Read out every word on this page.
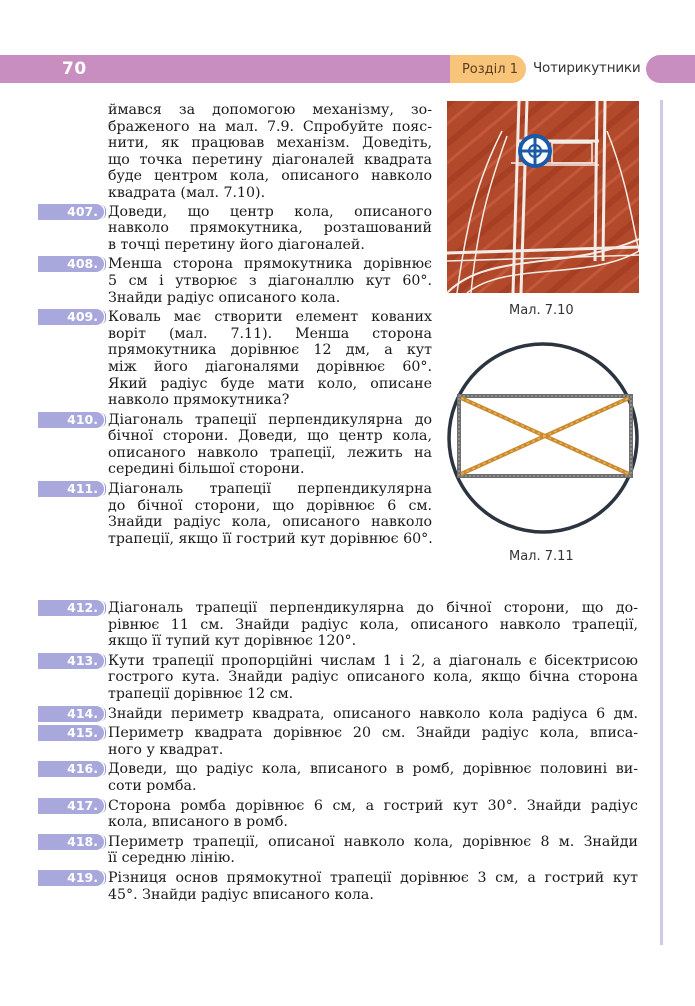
70	Розділ 1 Чотирикутники
ймався за допомогою механізму, зо-
браженого на мал. 7.9. Спробуйте пояс-
нити, як працював механізм. Доведіть,
що точка перетину діагоналей квадрата
буде центром кола, описаного навколо
квадрата (мал. 7.10).
407. Доведи, що центр кола, описаного
навколо прямокутника, розташований
в точці перетину його діагоналей.
408. Менша сторона прямокутника дорівнює
5 см і утворює з діагоналлю кут 60°.
Знайди радіус описаного кола.
409. Коваль має створити елемент кованих
воріт (мал. 7.11). Менша сторона
прямокутника дорівнює 12 дм, а кут
між його діагоналями дорівнює 60°.
Який радіус буде мати коло, описане
навколо прямокутника?
410. Діагональ трапеції перпендикулярна до
бічної сторони. Доведи, що центр кола,
описаного навколо трапеції, лежить на
середині більшої сторони.
411. Діагональ трапеції перпендикулярна
до бічної сторони, що дорівнює 6 см.
Знайди радіус кола, описаного навколо
трапеції, якщо її гострий кут дорівнює 60°.
412. Діагональ трапеції перпендикулярна до бічної сторони, що до-
рівнює 11 см. Знайди радіус кола, описаного навколо трапеції,
якщо її тупий кут дорівнює 120°.
413. Кути трапеції пропорційні числам 1 і 2, а діагональ є бісектрисою
гострого кута. Знайди радіус описаного кола, якщо бічна сторона
трапеції дорівнює 12 см.
414. Знайди периметр квадрата, описаного навколо кола радіуса 6 дм.
415. Периметр квадрата дорівнює 20 см. Знайди радіус кола, вписа-
ного у квадрат.
416. Доведи, що радіус кола, вписаного в ромб, дорівнює половині ви-
соти ромба.
417. Сторона ромба дорівнює 6 см, а гострий кут 30°. Знайди радіус
кола, вписаного в ромб.
418. Периметр трапеції, описаної навколо кола, дорівнює 8 м. Знайди
її середню лінію.
419. Різниця основ прямокутної трапеції дорівнює 3 см, а гострий кут
45°. Знайди радіус вписаного кола.
Мал. 7.10
Мал. 7.11
